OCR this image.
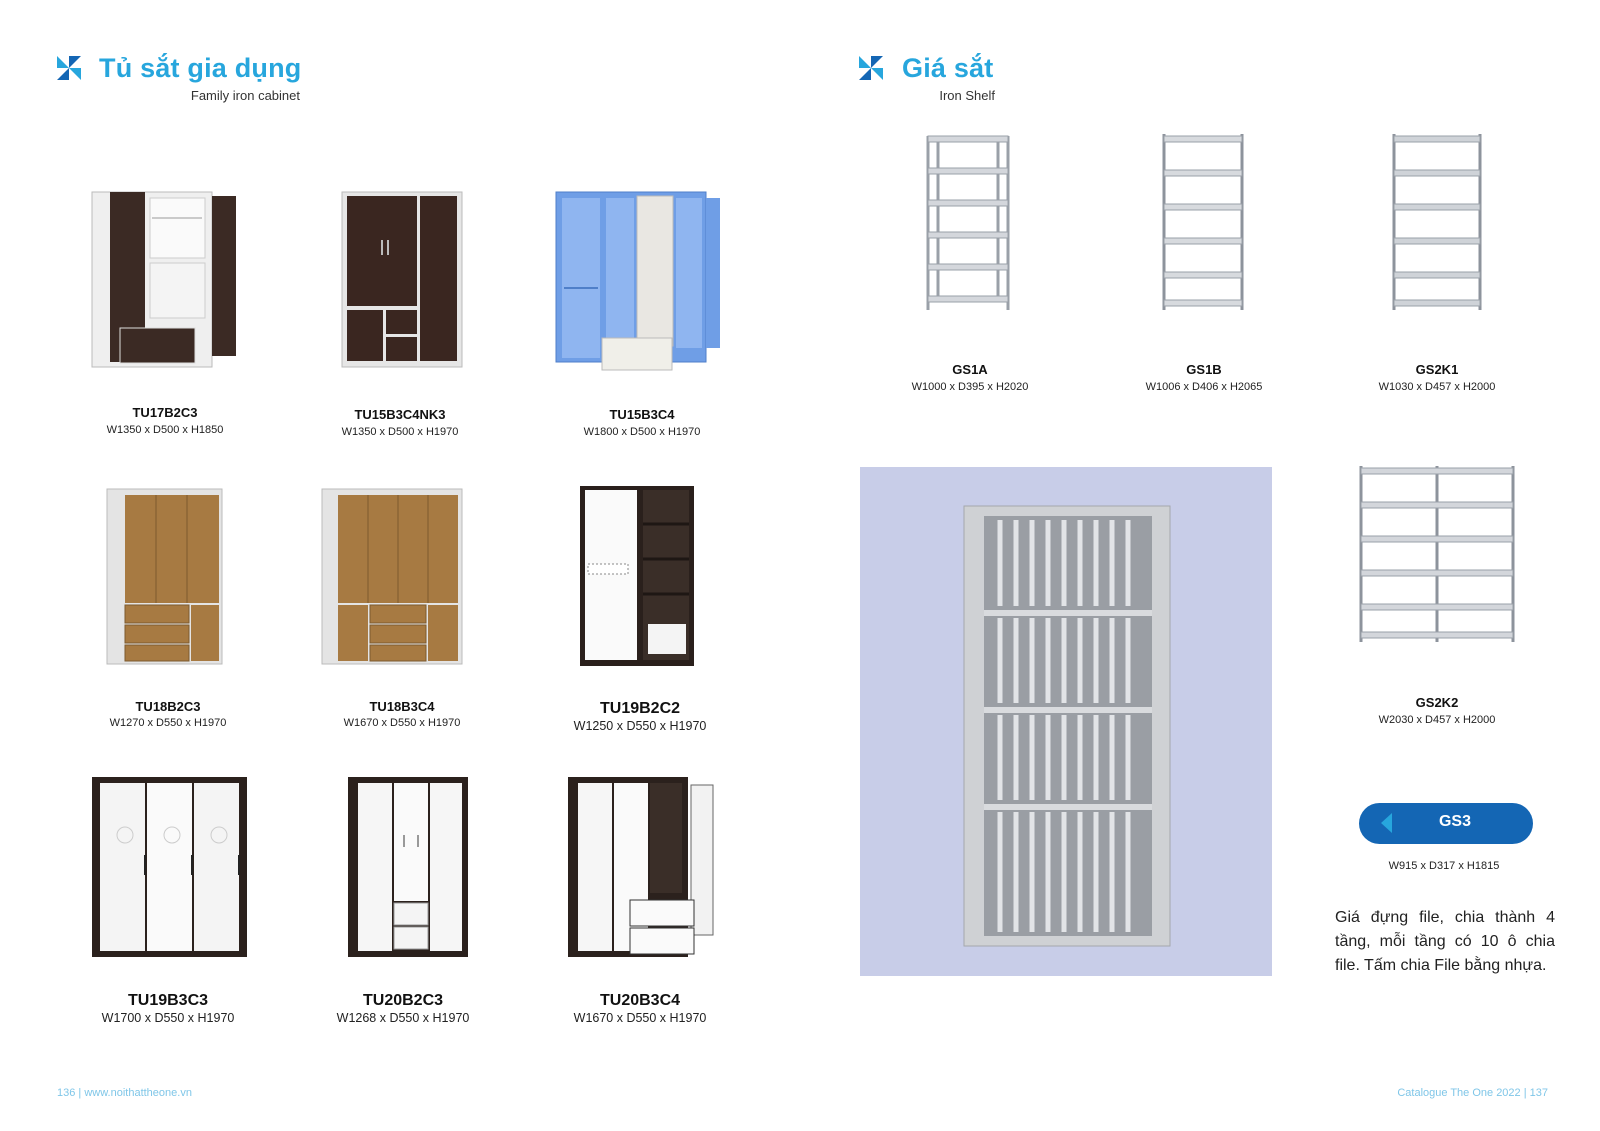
Tủ sắt gia dụng
Family iron cabinet
Giá sắt
Iron Shelf
TU17B2C3
W1350 x D500 x H1850
TU15B3C4NK3
W1350 x D500 x H1970
TU15B3C4
W1800 x D500 x H1970
TU18B2C3
W1270 x D550 x H1970
TU18B3C4
W1670 x D550 x H1970
TU19B2C2
W1250 x D550 x H1970
TU19B3C3
W1700 x D550 x H1970
TU20B2C3
W1268 x D550 x H1970
TU20B3C4
W1670 x D550 x H1970
GS1A
W1000 x D395 x H2020
GS1B
W1006 x D406 x H2065
GS2K1
W1030 x D457 x H2000
GS2K2
W2030 x D457 x H2000
GS3
W915 x D317 x H1815
Giá đựng file, chia thành 4 tầng, mỗi tầng có 10 ô chia file. Tấm chia File bằng nhựa.
136 | www.noithattheone.vn	Catalogue The One 2022 | 137
